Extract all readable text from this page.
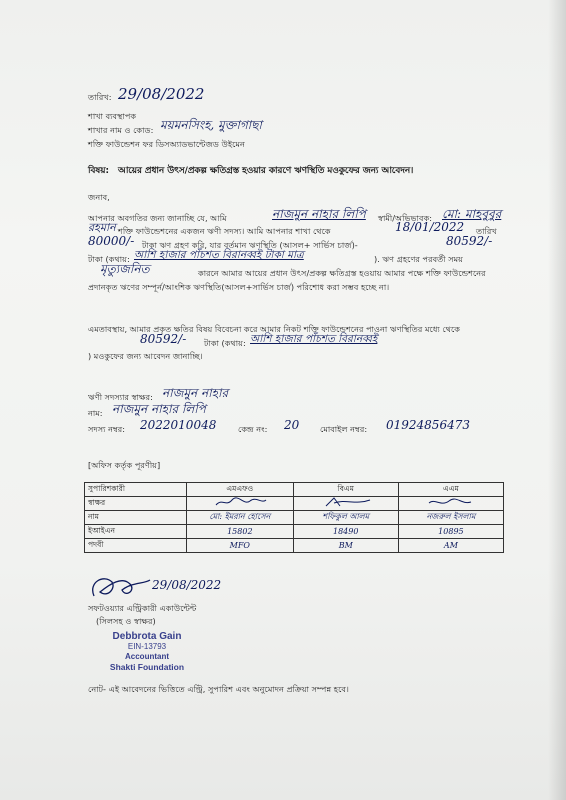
তারিখ: 29/08/2022
শাখা ব্যবস্থাপক
শাখার নাম ও কোড: ময়মনসিংহ, মুক্তাগাছা
শক্তি ফাউন্ডেশন ফর ডিসঅ্যাডভান্টেজড উইমেন
বিষয়: আয়ের প্রধান উৎস/প্রকল্প ক্ষতিগ্রস্ত হওয়ার কারণে ঋণস্থিতি মওকুফের জন্য আবেদন।
জনাব,
আপনার অবগতির জন্য জানাচ্ছি যে, আমি	নাজমুন নাহার লিপি স্বামী/অভিভাবক: মো: মাহবুবুর
রহমান শক্তি ফাউন্ডেশনের একজন ঋণী সদস্য। আমি আপনার শাখা থেকে	18/01/2022 তারিখ
80000/- টাকা ঋণ গ্রহণ করি, যার বর্তমান ঋণস্থিতি (আসল+ সার্ভিস চার্জ)-	80592/-
টাকা (কথায়: আশি হাজার পাঁচশত বিরানব্বই টাকা মাত্র	). ঋণ গ্রহণের পরবর্তী সময়
মৃত্যুজনিত	কারনে আমার আয়ের প্রধান উৎস/প্রকল্প ক্ষতিগ্রস্ত হওয়ায় আমার পক্ষে শক্তি ফাউন্ডেশনের প্রদানকৃত ঋণের সম্পূর্ন/আংশিক ঋণস্থিতি(আসল+সার্ভিস চার্জ) পরিশোধ করা সম্ভব হচ্ছে না।
এমতাবস্থায়, আমার প্রকৃত ক্ষতির বিষয় বিবেচনা করে আমার নিকট শক্তি ফাউন্ডেশনের পাওনা ঋণস্থিতির মধ্যে থেকে
80592/- টাকা (কথায়: আশি হাজার পাঁচশত বিরানব্বই
) মওকুফের জন্য আবেদন জানাচ্ছি।
ঋণী সদস্যার স্বাক্ষর: নাজমুন নাহার
নাম: নাজমুন নাহার লিপি
সদস্য নম্বর: 2022010048	কেন্দ্র নং: 20	মোবাইল নম্বর: 01924856473
[অফিস কর্তৃক পূরণীয়]
সুপারিশকারী	এমএফও	বিএম	এএম
স্বাক্ষর			
নাম	মো: ইমরান হোসেন	শফিকুল আলম	নজরুল ইসলাম
ইআইএন	15802	18490	10895
পদবী	MFO	BM	AM
29/08/2022
সফটওয়্যার এন্ট্রিকারী একাউন্টেন্ট
(সিলসহ ও স্বাক্ষর)
Debbrota Gain
EIN-13793
Accountant
Shakti Foundation
নোট- এই আবেদনের ভিত্তিতে এন্ট্রি, সুপারিশ এবং অনুমোদন প্রক্রিয়া সম্পন্ন হবে।
